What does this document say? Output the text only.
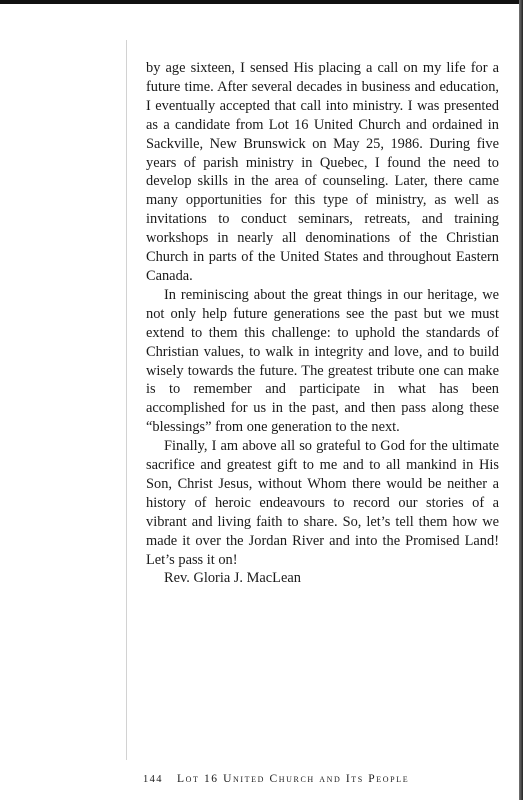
by age sixteen, I sensed His placing a call on my life for a future time. After several decades in business and education, I eventually accepted that call into ministry. I was presented as a candidate from Lot 16 United Church and ordained in Sackville, New Brunswick on May 25, 1986. During five years of parish ministry in Quebec, I found the need to develop skills in the area of counseling. Later, there came many opportunities for this type of ministry, as well as invitations to conduct seminars, retreats, and training workshops in nearly all denominations of the Christian Church in parts of the United States and throughout Eastern Canada.

In reminiscing about the great things in our heritage, we not only help future generations see the past but we must extend to them this challenge: to uphold the standards of Christian values, to walk in integrity and love, and to build wisely towards the future. The greatest tribute one can make is to remember and participate in what has been accomplished for us in the past, and then pass along these “blessings” from one generation to the next.

Finally, I am above all so grateful to God for the ultimate sacrifice and greatest gift to me and to all mankind in His Son, Christ Jesus, without Whom there would be neither a history of heroic endeavours to record our stories of a vibrant and living faith to share. So, let’s tell them how we made it over the Jordan River and into the Promised Land! Let’s pass it on!

Rev. Gloria J. MacLean

144 Lot 16 United Church and Its People
